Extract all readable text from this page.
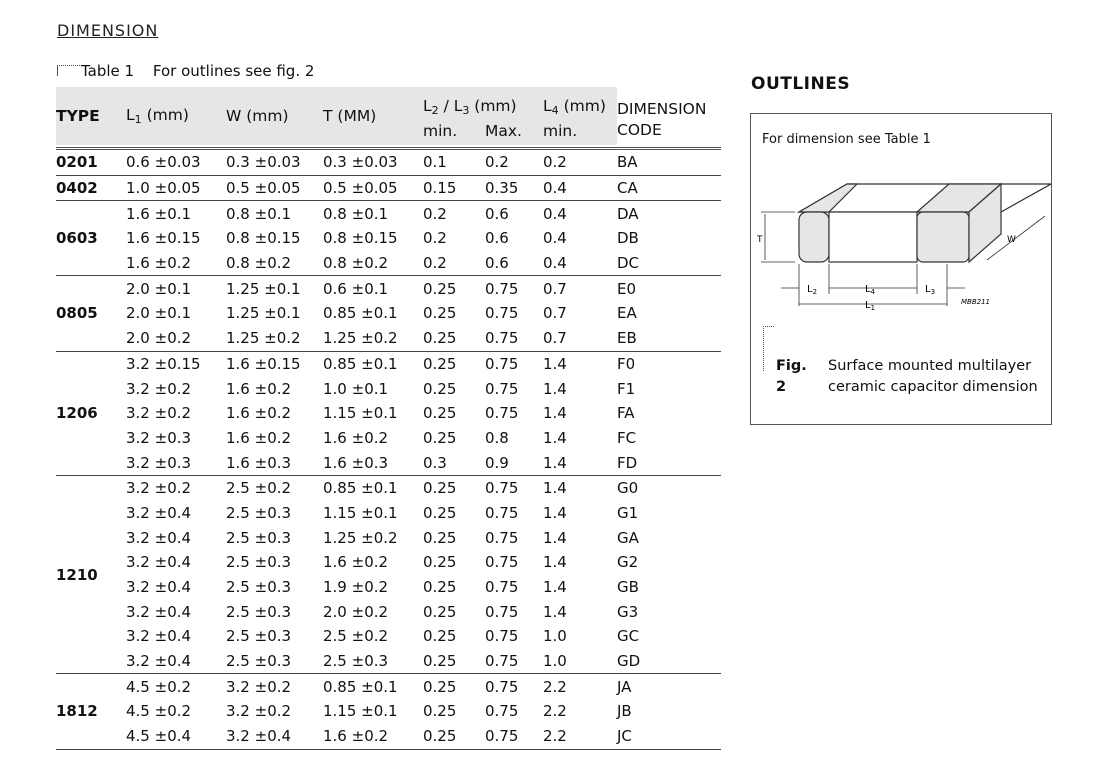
DIMENSION
Table 1 For outlines see fig. 2
TYPE	$L_1$ (mm)	W (mm)	T (MM)	$L_2 / L_3$ (mm)		$L_4$ (mm)	DIMENSION
CODE

				min.	Max.	min.	

0201	0.6 ±0.03	0.3 ±0.03	0.3 ±0.03	0.1	0.2	0.2	BA
0402	1.0 ±0.05	0.5 ±0.05	0.5 ±0.05	0.15	0.35	0.4	CA
0603	1.6 ±0.1	0.8 ±0.1	0.8 ±0.1	0.2	0.6	0.4	DA
	1.6 ±0.15	0.8 ±0.15	0.8 ±0.15	0.2	0.6	0.4	DB
	1.6 ±0.2	0.8 ±0.2	0.8 ±0.2	0.2	0.6	0.4	DC
0805	2.0 ±0.1	1.25 ±0.1	0.6 ±0.1	0.25	0.75	0.7	E0
	2.0 ±0.1	1.25 ±0.1	0.85 ±0.1	0.25	0.75	0.7	EA
	2.0 ±0.2	1.25 ±0.2	1.25 ±0.2	0.25	0.75	0.7	EB
1206	3.2 ±0.15	1.6 ±0.15	0.85 ±0.1	0.25	0.75	1.4	F0
	3.2 ±0.2	1.6 ±0.2	1.0 ±0.1	0.25	0.75	1.4	F1
	3.2 ±0.2	1.6 ±0.2	1.15 ±0.1	0.25	0.75	1.4	FA
	3.2 ±0.3	1.6 ±0.2	1.6 ±0.2	0.25	0.8	1.4	FC
	3.2 ±0.3	1.6 ±0.3	1.6 ±0.3	0.3	0.9	1.4	FD
1210	3.2 ±0.2	2.5 ±0.2	0.85 ±0.1	0.25	0.75	1.4	G0
	3.2 ±0.4	2.5 ±0.3	1.15 ±0.1	0.25	0.75	1.4	G1
	3.2 ±0.4	2.5 ±0.3	1.25 ±0.2	0.25	0.75	1.4	GA
	3.2 ±0.4	2.5 ±0.3	1.6 ±0.2	0.25	0.75	1.4	G2
	3.2 ±0.4	2.5 ±0.3	1.9 ±0.2	0.25	0.75	1.4	GB
	3.2 ±0.4	2.5 ±0.3	2.0 ±0.2	0.25	0.75	1.4	G3
	3.2 ±0.4	2.5 ±0.3	2.5 ±0.2	0.25	0.75	1.0	GC
	3.2 ±0.4	2.5 ±0.3	2.5 ±0.3	0.25	0.75	1.0	GD
1812	4.5 ±0.2	3.2 ±0.2	0.85 ±0.1	0.25	0.75	2.2	JA
	4.5 ±0.2	3.2 ±0.2	1.15 ±0.1	0.25	0.75	2.2	JB
	4.5 ±0.4	3.2 ±0.4	1.6 ±0.2	0.25	0.75	2.2	JC
OUTLINES
For dimension see Table 1
T	W
$L_2$	$L_4$	$L_3$
$L_1$
MBB211
Fig. 2
Surface mounted multilayer ceramic capacitor dimension
